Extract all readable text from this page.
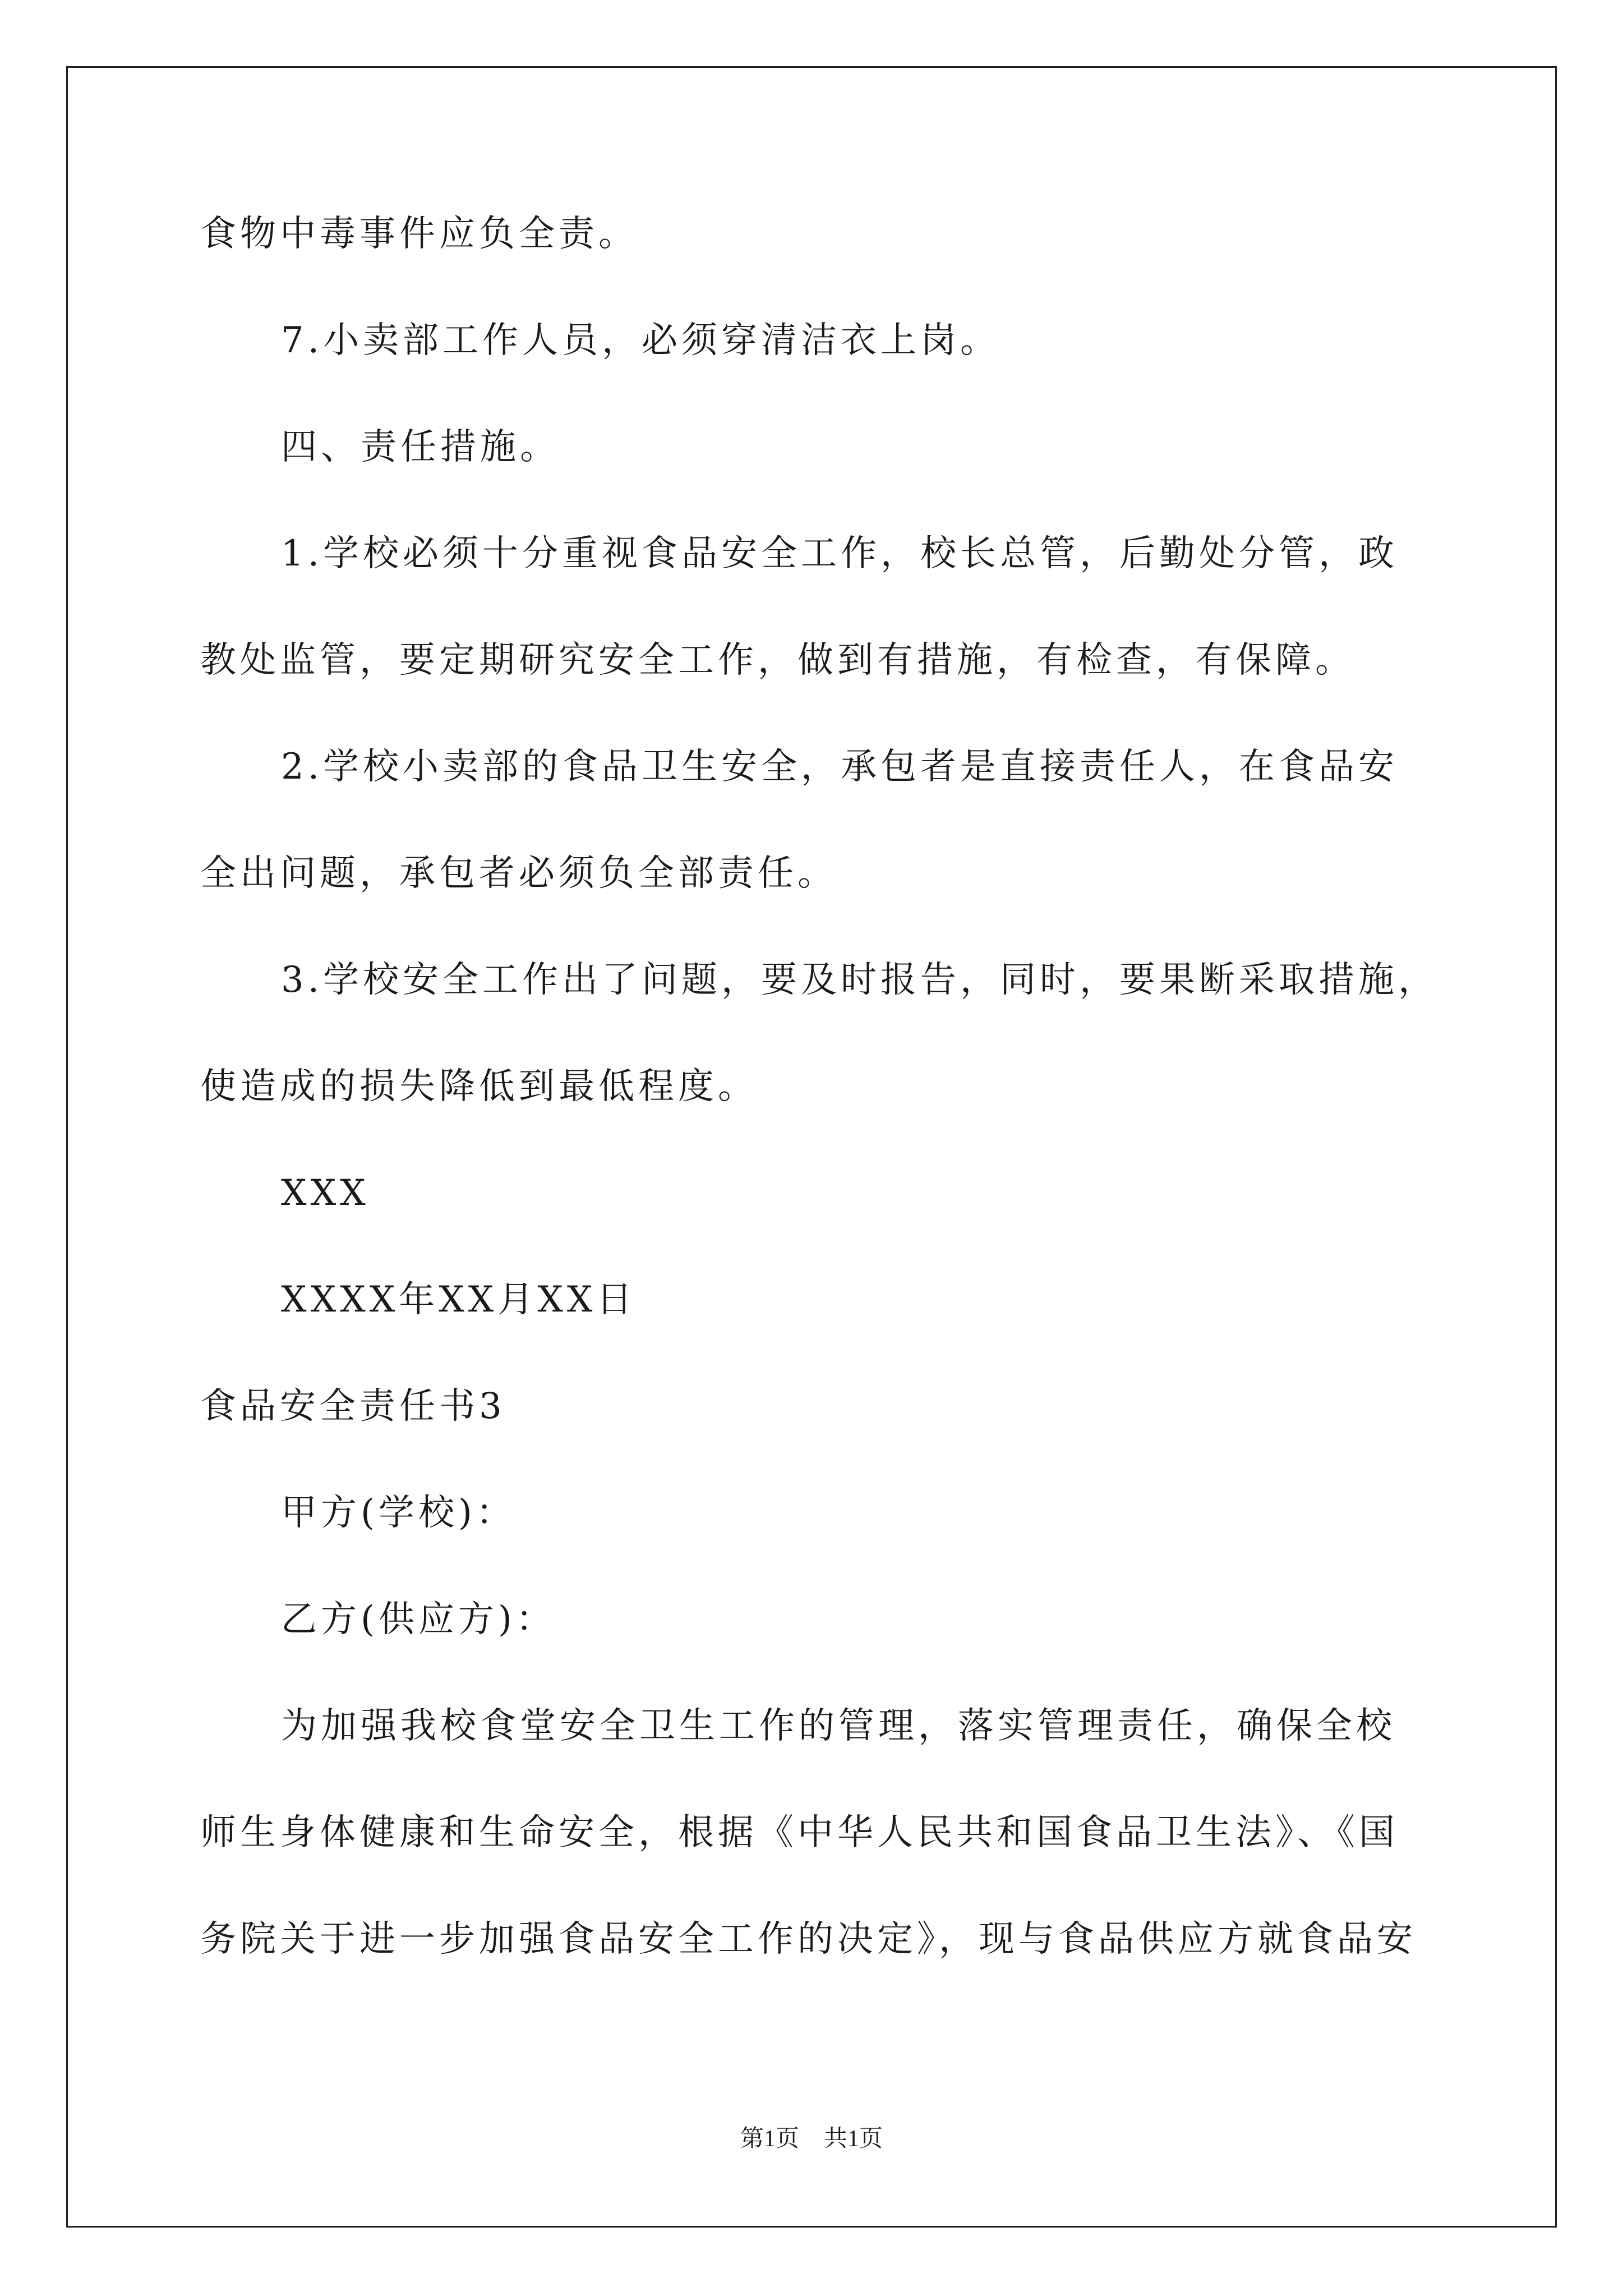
食物中毒事件应负全责。
7.小卖部工作人员，必须穿清洁衣上岗。
四、责任措施。
1.学校必须十分重视食品安全工作，校长总管，后勤处分管，政
教处监管，要定期研究安全工作，做到有措施，有检查，有保障。
2.学校小卖部的食品卫生安全，承包者是直接责任人，在食品安
全出问题，承包者必须负全部责任。
3.学校安全工作出了问题，要及时报告，同时，要果断采取措施，
使造成的损失降低到最低程度。
XXX
XXXX年XX月XX日
食品安全责任书3
甲方(学校)：
乙方(供应方)：
为加强我校食堂安全卫生工作的管理，落实管理责任，确保全校
师生身体健康和生命安全，根据《中华人民共和国食品卫生法》、《国
务院关于进一步加强食品安全工作的决定》，现与食品供应方就食品安
第1页 共1页
